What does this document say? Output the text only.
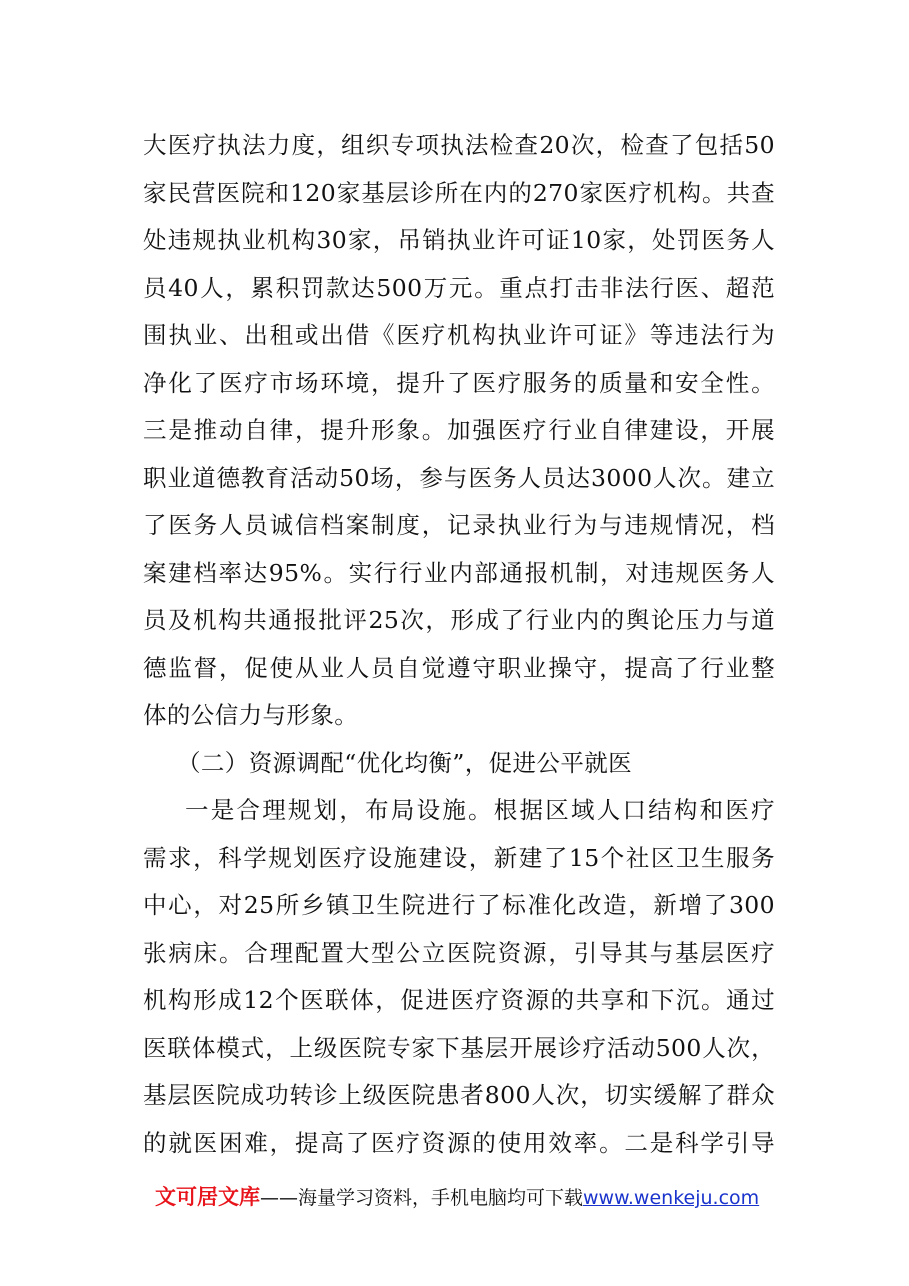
大医疗执法力度，组织专项执法检查20次，检查了包括50
家民营医院和120家基层诊所在内的270家医疗机构。共查
处违规执业机构30家，吊销执业许可证10家，处罚医务人
员40人，累积罚款达500万元。重点打击非法行医、超范
围执业、出租或出借《医疗机构执业许可证》等违法行为
净化了医疗市场环境，提升了医疗服务的质量和安全性。
三是推动自律，提升形象。加强医疗行业自律建设，开展
职业道德教育活动50场，参与医务人员达3000人次。建立
了医务人员诚信档案制度，记录执业行为与违规情况，档
案建档率达95%。实行行业内部通报机制，对违规医务人
员及机构共通报批评25次，形成了行业内的舆论压力与道
德监督，促使从业人员自觉遵守职业操守，提高了行业整
体的公信力与形象。
（二）资源调配“优化均衡”，促进公平就医
一是合理规划，布局设施。根据区域人口结构和医疗
需求，科学规划医疗设施建设，新建了15个社区卫生服务
中心，对25所乡镇卫生院进行了标准化改造，新增了300
张病床。合理配置大型公立医院资源，引导其与基层医疗
机构形成12个医联体，促进医疗资源的共享和下沉。通过
医联体模式，上级医院专家下基层开展诊疗活动500人次，
基层医院成功转诊上级医院患者800人次，切实缓解了群众
的就医困难，提高了医疗资源的使用效率。二是科学引导
文可居文库——海量学习资料，手机电脑均可下载www.wenkeju.com
